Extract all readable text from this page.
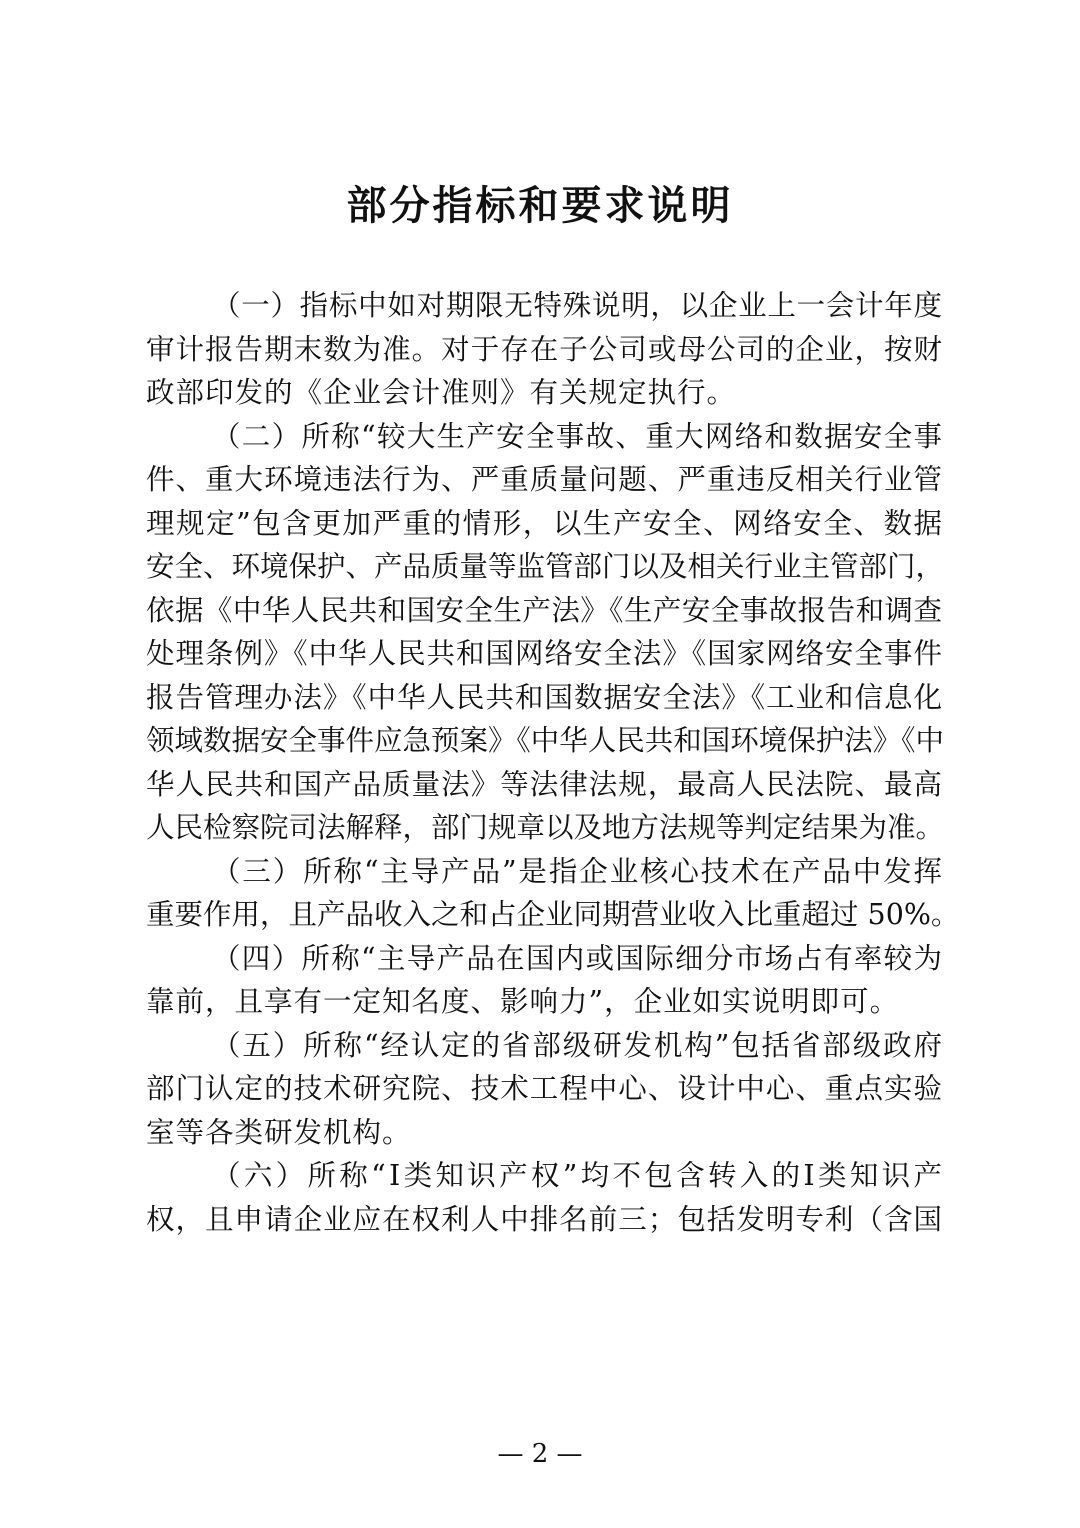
部分指标和要求说明
（一）指标中如对期限无特殊说明，以企业上一会计年度
审计报告期末数为准。对于存在子公司或母公司的企业，按财
政部印发的《企业会计准则》有关规定执行。
（二）所称“较大生产安全事故、重大网络和数据安全事
件、重大环境违法行为、严重质量问题、严重违反相关行业管
理规定”包含更加严重的情形，以生产安全、网络安全、数据
安全、环境保护、产品质量等监管部门以及相关行业主管部门，
依据《中华人民共和国安全生产法》《生产安全事故报告和调查
处理条例》《中华人民共和国网络安全法》《国家网络安全事件
报告管理办法》《中华人民共和国数据安全法》《工业和信息化
领域数据安全事件应急预案》《中华人民共和国环境保护法》《中
华人民共和国产品质量法》等法律法规，最高人民法院、最高
人民检察院司法解释，部门规章以及地方法规等判定结果为准。
（三）所称“主导产品”是指企业核心技术在产品中发挥
重要作用，且产品收入之和占企业同期营业收入比重超过 50%。
（四）所称“主导产品在国内或国际细分市场占有率较为
靠前，且享有一定知名度、影响力”，企业如实说明即可。
（五）所称“经认定的省部级研发机构”包括省部级政府
部门认定的技术研究院、技术工程中心、设计中心、重点实验
室等各类研发机构。
（六）所称“Ⅰ类知识产权”均不包含转入的Ⅰ类知识产
权，且申请企业应在权利人中排名前三；包括发明专利（含国
— 2 —
